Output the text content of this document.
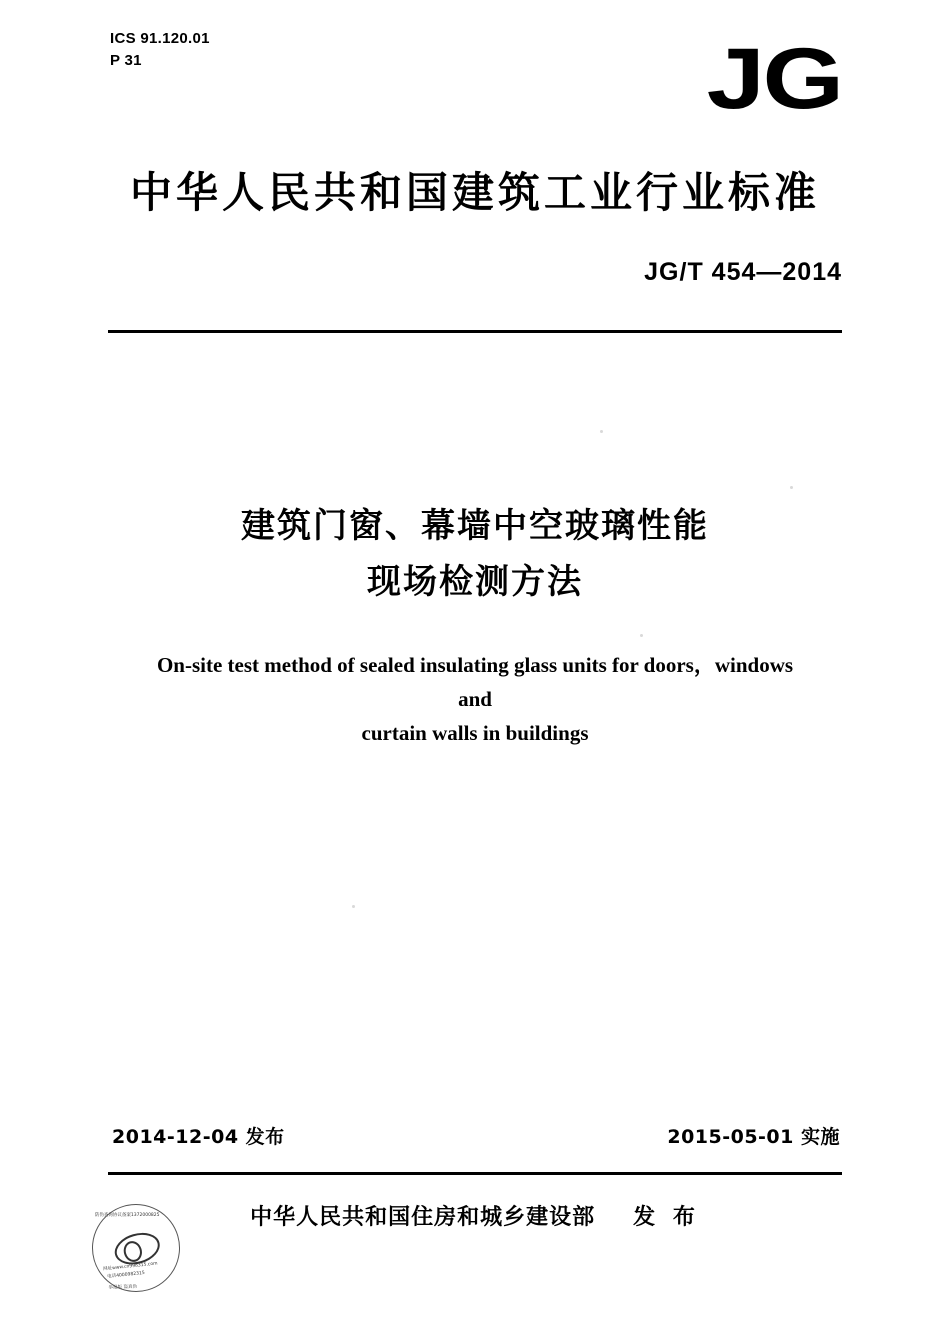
ICS 91.120.01
P 31	JG
中华人民共和国建筑工业行业标准
JG/T 454—2014
建筑门窗、幕墙中空玻璃性能
现场检测方法
On-site test method of sealed insulating glass units for doors，windows and
curtain walls in buildings
2014-12-04 发布	2015-05-01 实施
中华人民共和国住房和城乡建设部 发 布
防伪查询协议备案1372000825
网址www.cn998315.com
电话4000982315
举报版 盗真伪
